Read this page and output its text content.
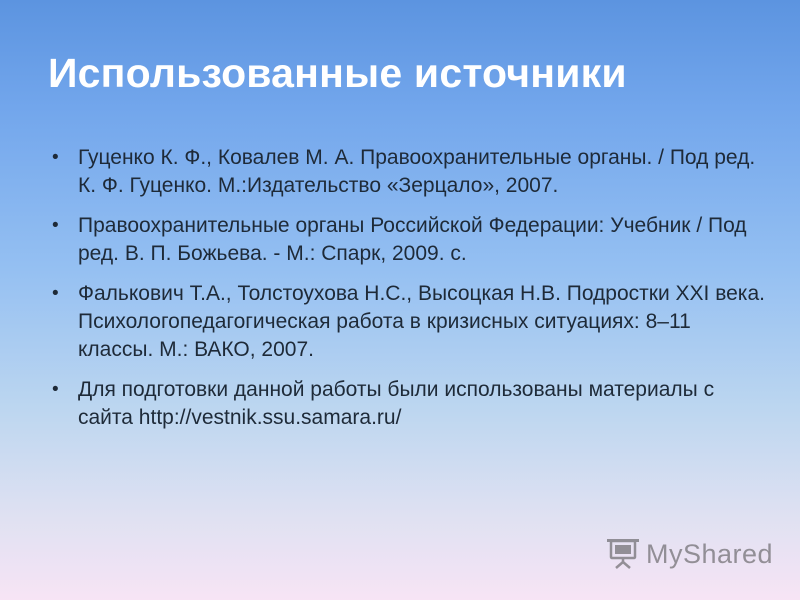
Использованные источники
• Гуценко К. Ф., Ковалев М. А. Правоохранительные органы. / Под ред. К. Ф. Гуценко. М.:Издательство «Зерцало», 2007.
• Правоохранительные органы Российской Федерации: Учебник / Под ред. В. П. Божьева. - М.: Спарк, 2009. с.
• Фалькович Т.А., Толстоухова Н.С., Высоцкая Н.В. Подростки XXI века. Психологопедагогическая работа в кризисных ситуациях: 8–11 классы. М.: ВАКО, 2007.
• Для подготовки данной работы были использованы материалы с сайта http://vestnik.ssu.samara.ru/
MyShared
